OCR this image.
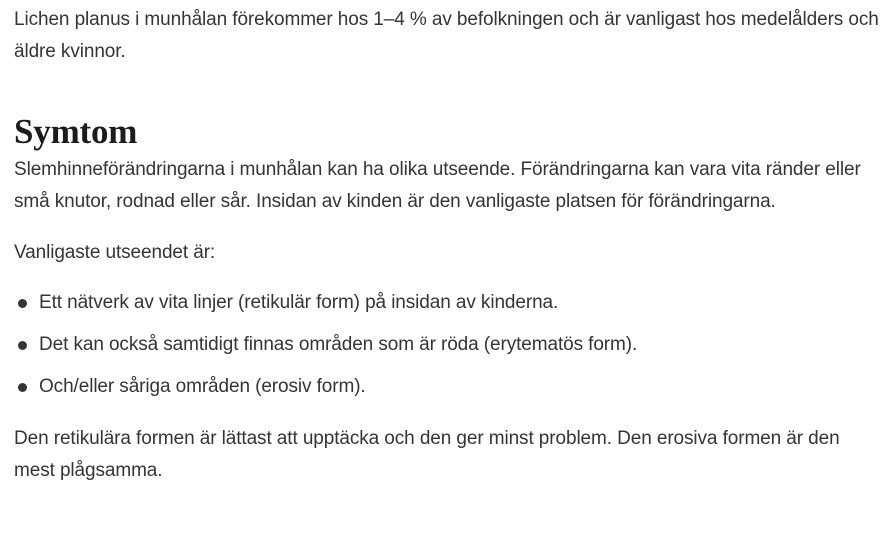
Lichen planus i munhålan förekommer hos 1–4 % av befolkningen och är vanligast hos medelålders och äldre kvinnor.

Symtom

Slemhinneförändringarna i munhålan kan ha olika utseende. Förändringarna kan vara vita ränder eller små knutor, rodnad eller sår. Insidan av kinden är den vanligaste platsen för förändringarna.

Vanligaste utseendet är:

Ett nätverk av vita linjer (retikulär form) på insidan av kinderna.
Det kan också samtidigt finnas områden som är röda (erytematös form).
Och/eller såriga områden (erosiv form).

Den retikulära formen är lättast att upptäcka och den ger minst problem. Den erosiva formen är den mest plågsamma.
